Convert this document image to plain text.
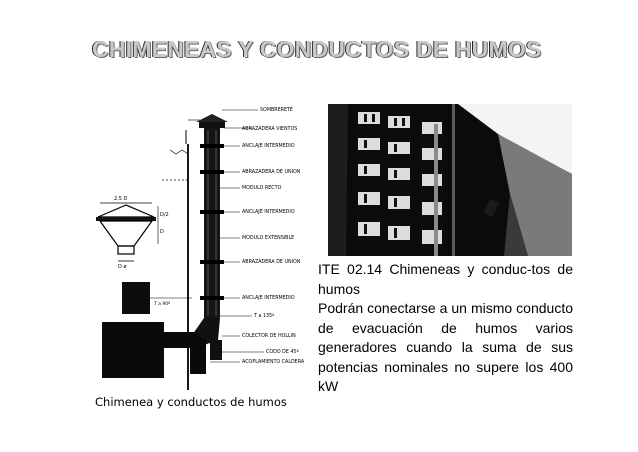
CHIMENEAS Y CONDUCTOS DE HUMOS
2.5 D
D/2
D
D ø
T a 90º
SOMBRERETE
ABRAZADERA VIENTOS
ANCLAJE INTERMEDIO
ABRAZADERA DE UNION
MODULO RECTO
ANCLAJE INTERMEDIO
MODULO EXTENSIBLE
ABRAZADERA DE UNION
ANCLAJE INTERMEDIO
T a 135º
COLECTOR DE HOLLIN
CODO DE 45º
ACOPLAMIENTO CALDERA

ITE 02.14 Chimeneas y conduc-tos de humos

Podrán conectarse a un mismo conducto de evacuación de humos varios generadores cuando la suma de sus potencias nominales no supere los 400 kW

Chimenea y conductos de humos
